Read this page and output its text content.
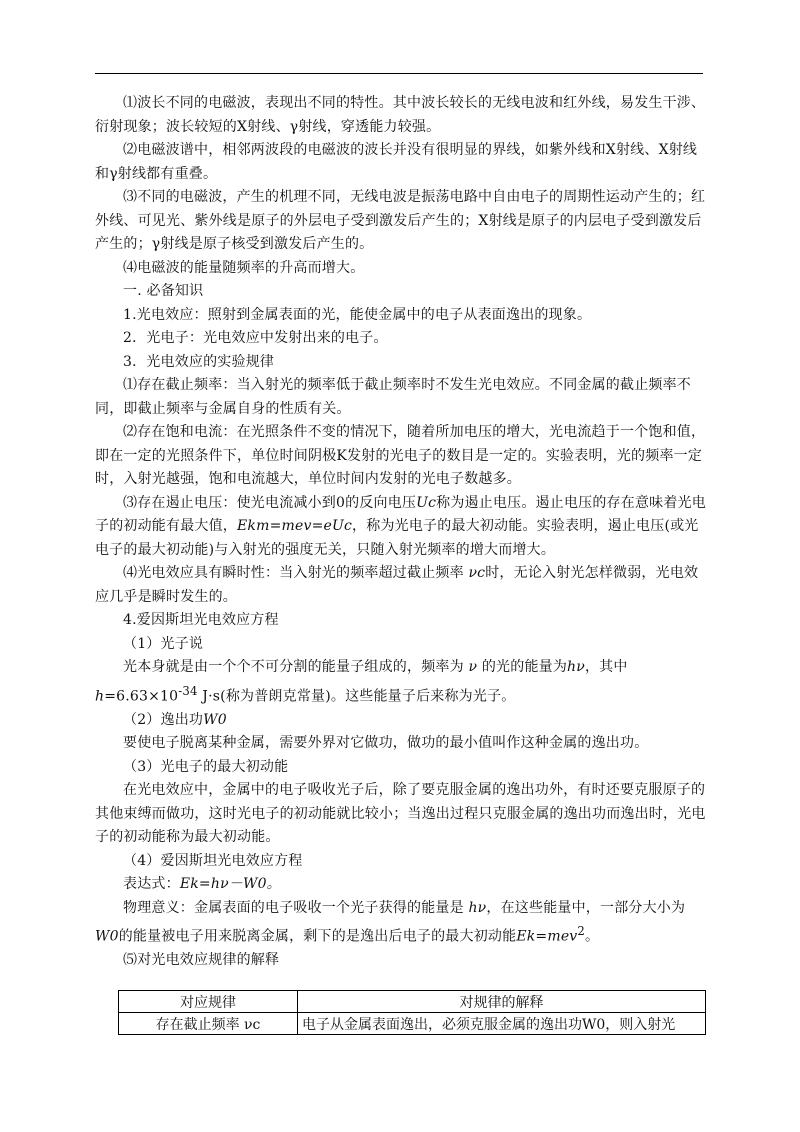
⑴波长不同的电磁波，表现出不同的特性。其中波长较长的无线电波和红外线，易发生干涉、衍射现象；波长较短的X射线、γ射线，穿透能力较强。

⑵电磁波谱中，相邻两波段的电磁波的波长并没有很明显的界线，如紫外线和X射线、X射线和γ射线都有重叠。

⑶不同的电磁波，产生的机理不同，无线电波是振荡电路中自由电子的周期性运动产生的；红外线、可见光、紫外线是原子的外层电子受到激发后产生的；X射线是原子的内层电子受到激发后产生的；γ射线是原子核受到激发后产生的。

⑷电磁波的能量随频率的升高而增大。

一. 必备知识

1.光电效应：照射到金属表面的光，能使金属中的电子从表面逸出的现象。

2．光电子：光电效应中发射出来的电子。

3．光电效应的实验规律

⑴存在截止频率：当入射光的频率低于截止频率时不发生光电效应。不同金属的截止频率不同，即截止频率与金属自身的性质有关。

⑵存在饱和电流：在光照条件不变的情况下，随着所加电压的增大，光电流趋于一个饱和值，即在一定的光照条件下，单位时间阴极K发射的光电子的数目是一定的。实验表明，光的频率一定时，入射光越强，饱和电流越大，单位时间内发射的光电子数越多。

⑶存在遏止电压：使光电流减小到0的反向电压Uc称为遏止电压。遏止电压的存在意味着光电子的初动能有最大值，Ekm=mev=eUc，称为光电子的最大初动能。实验表明，遏止电压(或光电子的最大初动能)与入射光的强度无关，只随入射光频率的增大而增大。

⑷光电效应具有瞬时性：当入射光的频率超过截止频率 νc时，无论入射光怎样微弱，光电效应几乎是瞬时发生的。

4.爱因斯坦光电效应方程

（1）光子说

光本身就是由一个个不可分割的能量子组成的，频率为 ν 的光的能量为hν，其中 $h=6.63\times 10^{-34}$ J·s(称为普朗克常量)。这些能量子后来称为光子。

（2）逸出功W0

要使电子脱离某种金属，需要外界对它做功，做功的最小值叫作这种金属的逸出功。

（3）光电子的最大初动能

在光电效应中，金属中的电子吸收光子后，除了要克服金属的逸出功外，有时还要克服原子的其他束缚而做功，这时光电子的初动能就比较小；当逸出过程只克服金属的逸出功而逸出时，光电子的初动能称为最大初动能。

（4）爱因斯坦光电效应方程

表达式：Ek=hν－W0。

物理意义：金属表面的电子吸收一个光子获得的能量是 hν，在这些能量中，一部分大小为W0的能量被电子用来脱离金属，剩下的是逸出后电子的最大初动能Ek=mev$^2$。

⑸对光电效应规律的解释

对应规律	对规律的解释
存在截止频率 νc	电子从金属表面逸出，必须克服金属的逸出功W0，则入射光
